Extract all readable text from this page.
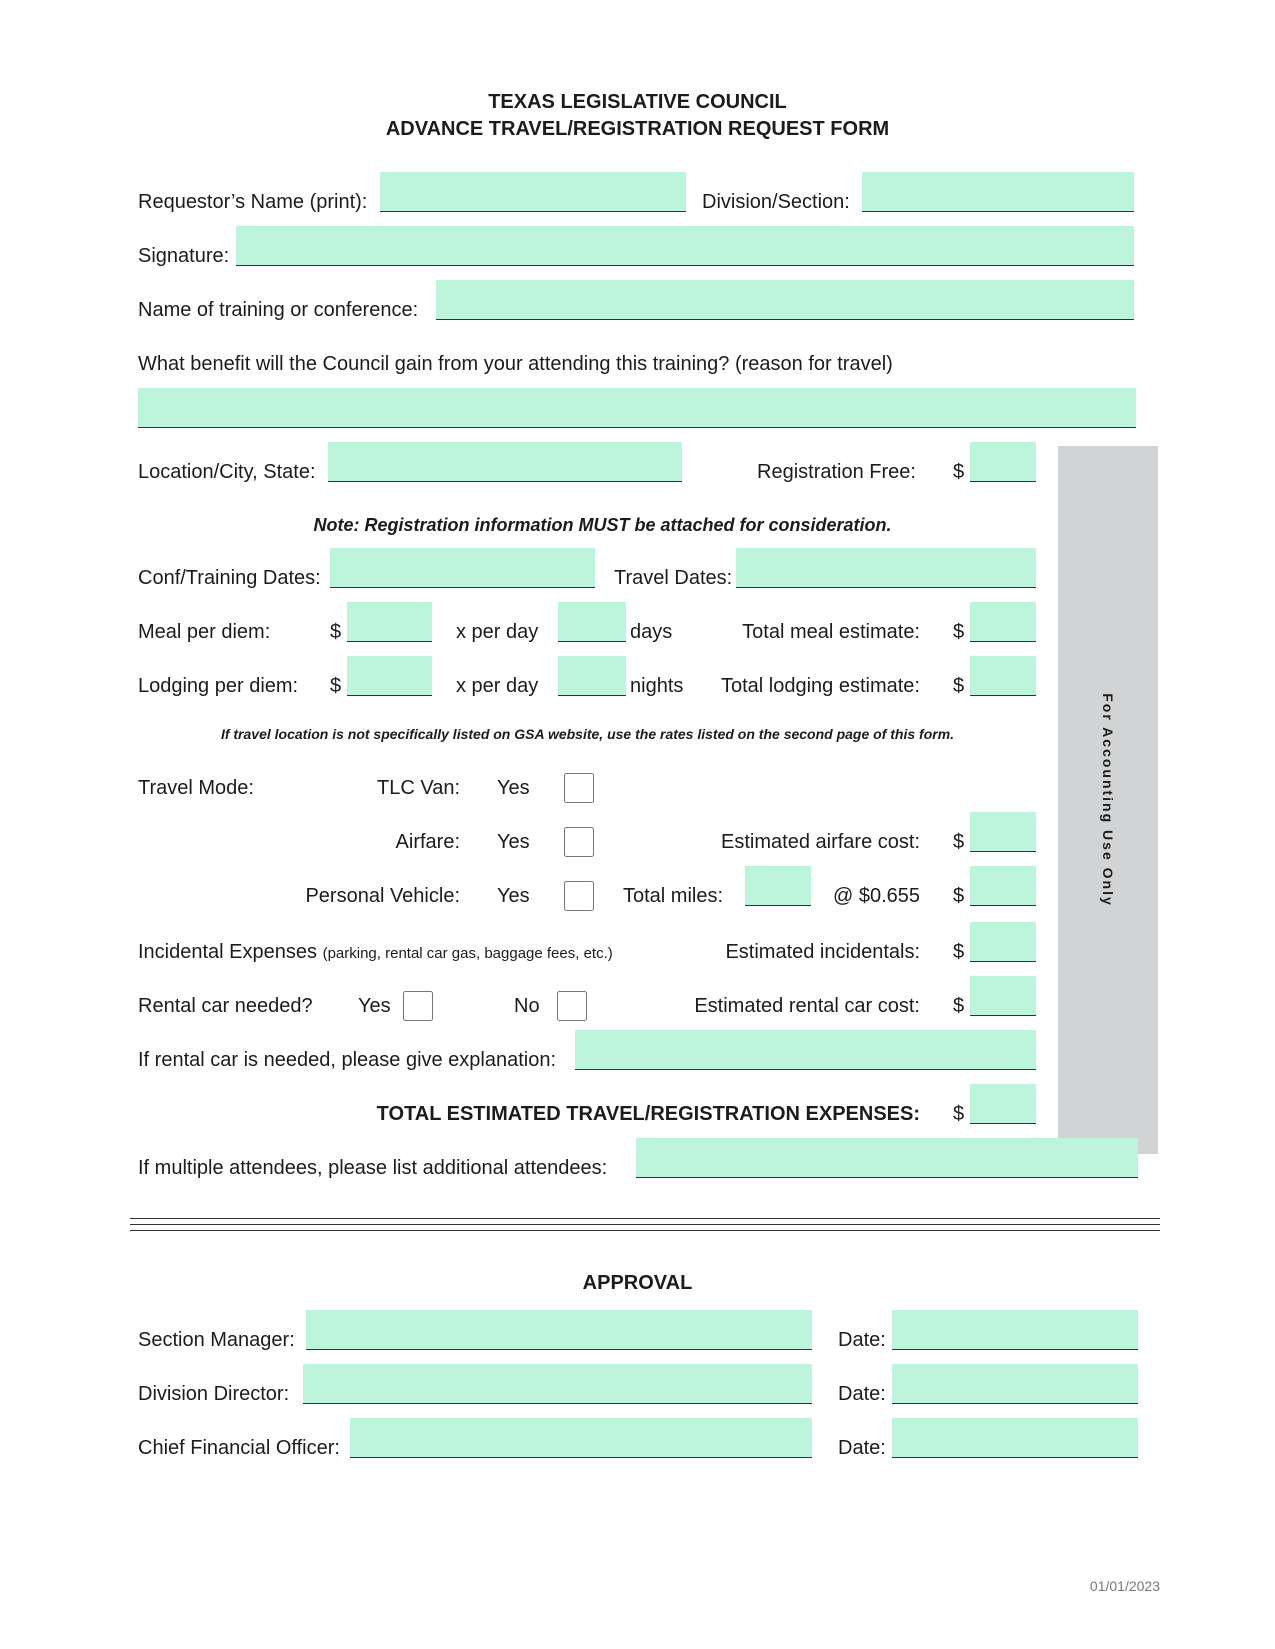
TEXAS LEGISLATIVE COUNCIL
ADVANCE TRAVEL/REGISTRATION REQUEST FORM
For Accounting Use Only
Requestor’s Name (print):	Division/Section:
Signature:
Name of training or conference:
What benefit will the Council gain from your attending this training? (reason for travel)
Location/City, State:	Registration Free: $
Note: Registration information MUST be attached for consideration.
Conf/Training Dates:	Travel Dates:
Meal per diem:	$	x per day	days	Total meal estimate: $
Lodging per diem: $	x per day	nights	Total lodging estimate: $
If travel location is not specifically listed on GSA website, use the rates listed on the second page of this form.
Travel Mode:	TLC Van: Yes
Airfare: Yes	Estimated airfare cost: $
Personal Vehicle: Yes	Total miles:	@ $0.655 $
Incidental Expenses (parking, rental car gas, baggage fees, etc.)	Estimated incidentals: $
Rental car needed? Yes	No	Estimated rental car cost: $
If rental car is needed, please give explanation:
TOTAL ESTIMATED TRAVEL/REGISTRATION EXPENSES: $
If multiple attendees, please list additional attendees:
APPROVAL
Section Manager:	Date:
Division Director:	Date:
Chief Financial Officer:	Date:
01/01/2023
